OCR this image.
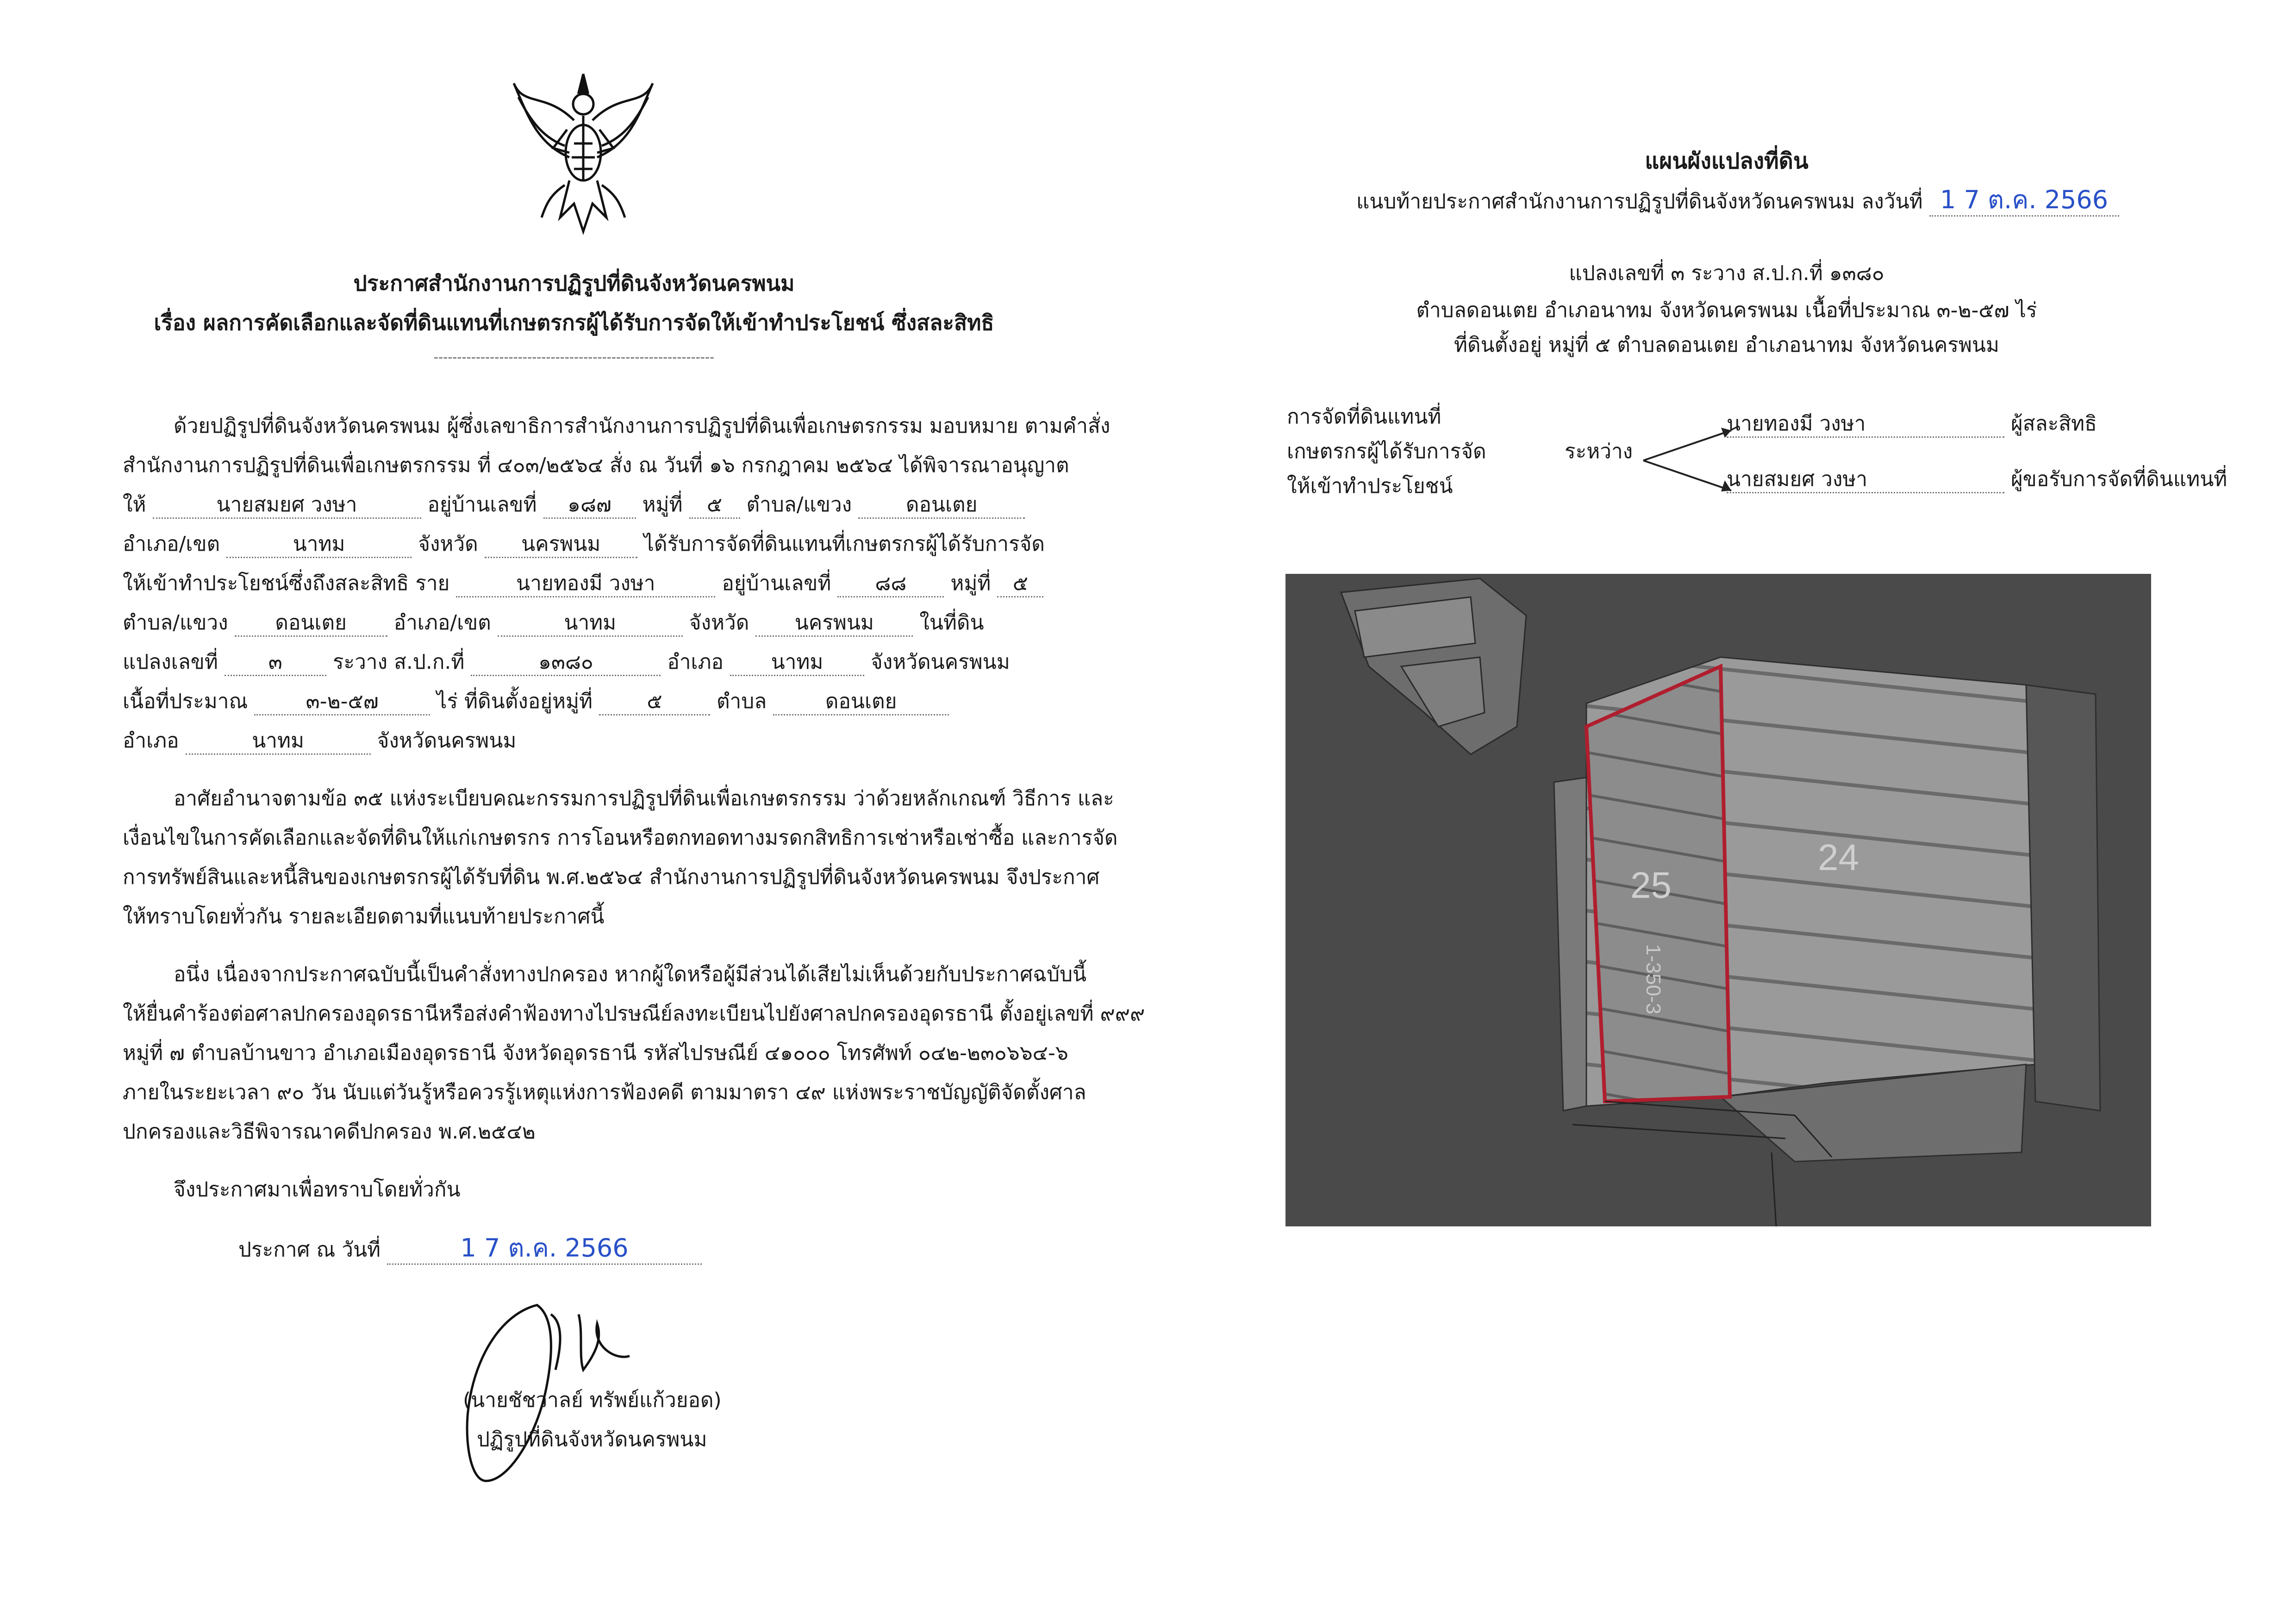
ประกาศสำนักงานการปฏิรูปที่ดินจังหวัดนครพนม
เรื่อง ผลการคัดเลือกและจัดที่ดินแทนที่เกษตรกรผู้ได้รับการจัดให้เข้าทำประโยชน์ ซึ่งสละสิทธิ
------------------------------------------------------------
ด้วยปฏิรูปที่ดินจังหวัดนครพนม ผู้ซึ่งเลขาธิการสำนักงานการปฏิรูปที่ดินเพื่อเกษตรกรรม มอบหมาย ตามคำสั่ง
สำนักงานการปฏิรูปที่ดินเพื่อเกษตรกรรม ที่ ๔๐๓/๒๕๖๔ สั่ง ณ วันที่ ๑๖ กรกฎาคม ๒๕๖๔ ได้พิจารณาอนุญาต
ให้	นายสมยศ วงษา	อยู่บ้านเลขที่ ๑๘๗ หมู่ที่ ๕ ตำบล/แขวง	ดอนเตย
อำเภอ/เขต	นาทม	จังหวัด นครพนม ได้รับการจัดที่ดินแทนที่เกษตรกรผู้ได้รับการจัด
ให้เข้าทำประโยชน์ซึ่งถึงสละสิทธิ ราย	นายทองมี วงษา	อยู่บ้านเลขที่ ๘๘ หมู่ที่ ๕
ตำบล/แขวง ดอนเตย อำเภอ/เขต	นาทม	จังหวัด นครพนม ในที่ดิน
แปลงเลขที่ ๓ ระวาง ส.ป.ก.ที่	๑๓๘๐	อำเภอ นาทม จังหวัดนครพนม
เนื้อที่ประมาณ	๓-๒-๕๗	ไร่ ที่ดินตั้งอยู่หมู่ที่	๕	ตำบล	ดอนเตย
อำเภอ	นาทม	จังหวัดนครพนม
อาศัยอำนาจตามข้อ ๓๕ แห่งระเบียบคณะกรรมการปฏิรูปที่ดินเพื่อเกษตรกรรม ว่าด้วยหลักเกณฑ์ วิธีการ และ
เงื่อนไขในการคัดเลือกและจัดที่ดินให้แก่เกษตรกร การโอนหรือตกทอดทางมรดกสิทธิการเช่าหรือเช่าซื้อ และการจัด
การทรัพย์สินและหนี้สินของเกษตรกรผู้ได้รับที่ดิน พ.ศ.๒๕๖๔ สำนักงานการปฏิรูปที่ดินจังหวัดนครพนม จึงประกาศ
ให้ทราบโดยทั่วกัน รายละเอียดตามที่แนบท้ายประกาศนี้
อนึ่ง เนื่องจากประกาศฉบับนี้เป็นคำสั่งทางปกครอง หากผู้ใดหรือผู้มีส่วนได้เสียไม่เห็นด้วยกับประกาศฉบับนี้
ให้ยื่นคำร้องต่อศาลปกครองอุดรธานีหรือส่งคำฟ้องทางไปรษณีย์ลงทะเบียนไปยังศาลปกครองอุดรธานี ตั้งอยู่เลขที่ ๙๙๙
หมู่ที่ ๗ ตำบลบ้านขาว อำเภอเมืองอุดรธานี จังหวัดอุดรธานี รหัสไปรษณีย์ ๔๑๐๐๐ โทรศัพท์ ๐๔๒-๒๓๐๖๖๔-๖
ภายในระยะเวลา ๙๐ วัน นับแต่วันรู้หรือควรรู้เหตุแห่งการฟ้องคดี ตามมาตรา ๔๙ แห่งพระราชบัญญัติจัดตั้งศาล
ปกครองและวิธีพิจารณาคดีปกครอง พ.ศ.๒๕๔๒
จึงประกาศมาเพื่อทราบโดยทั่วกัน
ประกาศ ณ วันที่	1 7 ต.ค. 2566
(นายชัชวาลย์ ทรัพย์แก้วยอด)
ปฏิรูปที่ดินจังหวัดนครพนม
แผนผังแปลงที่ดิน
แนบท้ายประกาศสำนักงานการปฏิรูปที่ดินจังหวัดนครพนม ลงวันที่ 1 7 ต.ค. 2566
แปลงเลขที่ ๓ ระวาง ส.ป.ก.ที่ ๑๓๘๐
ตำบลดอนเตย อำเภอนาทม จังหวัดนครพนม เนื้อที่ประมาณ ๓-๒-๕๗ ไร่
ที่ดินตั้งอยู่ หมู่ที่ ๕ ตำบลดอนเตย อำเภอนาทม จังหวัดนครพนม
การจัดที่ดินแทนที่
เกษตรกรผู้ได้รับการจัด
ให้เข้าทำประโยชน์
ระหว่าง
นายทองมี วงษา	ผู้สละสิทธิ
นายสมยศ วงษา	ผู้ขอรับการจัดที่ดินแทนที่
25
24
1-350-3
